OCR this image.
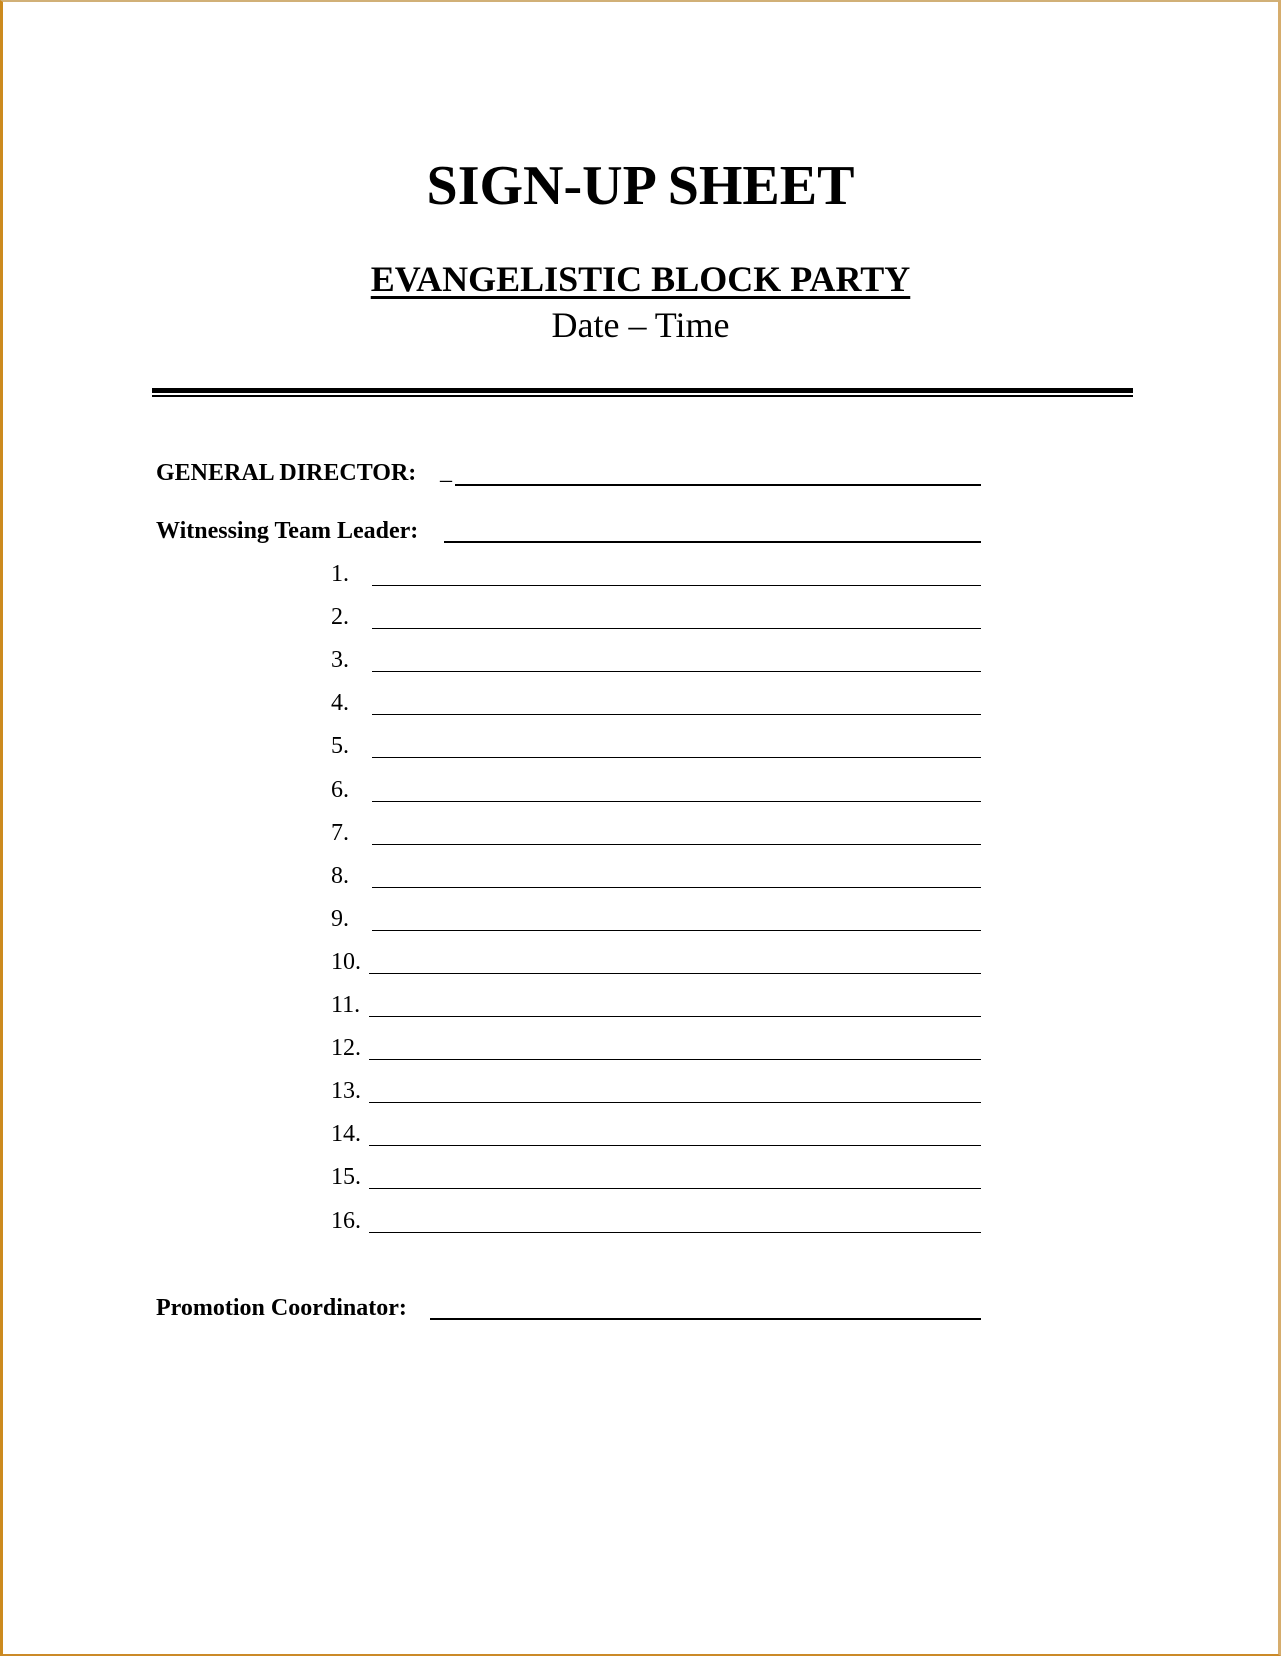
SIGN-UP SHEET
EVANGELISTIC BLOCK PARTY
Date – Time
GENERAL DIRECTOR: _
Witnessing Team Leader:
1.
2.
3.
4.
5.
6.
7.
8.
9.
10.
11.
12.
13.
14.
15.
16.
Promotion Coordinator:
